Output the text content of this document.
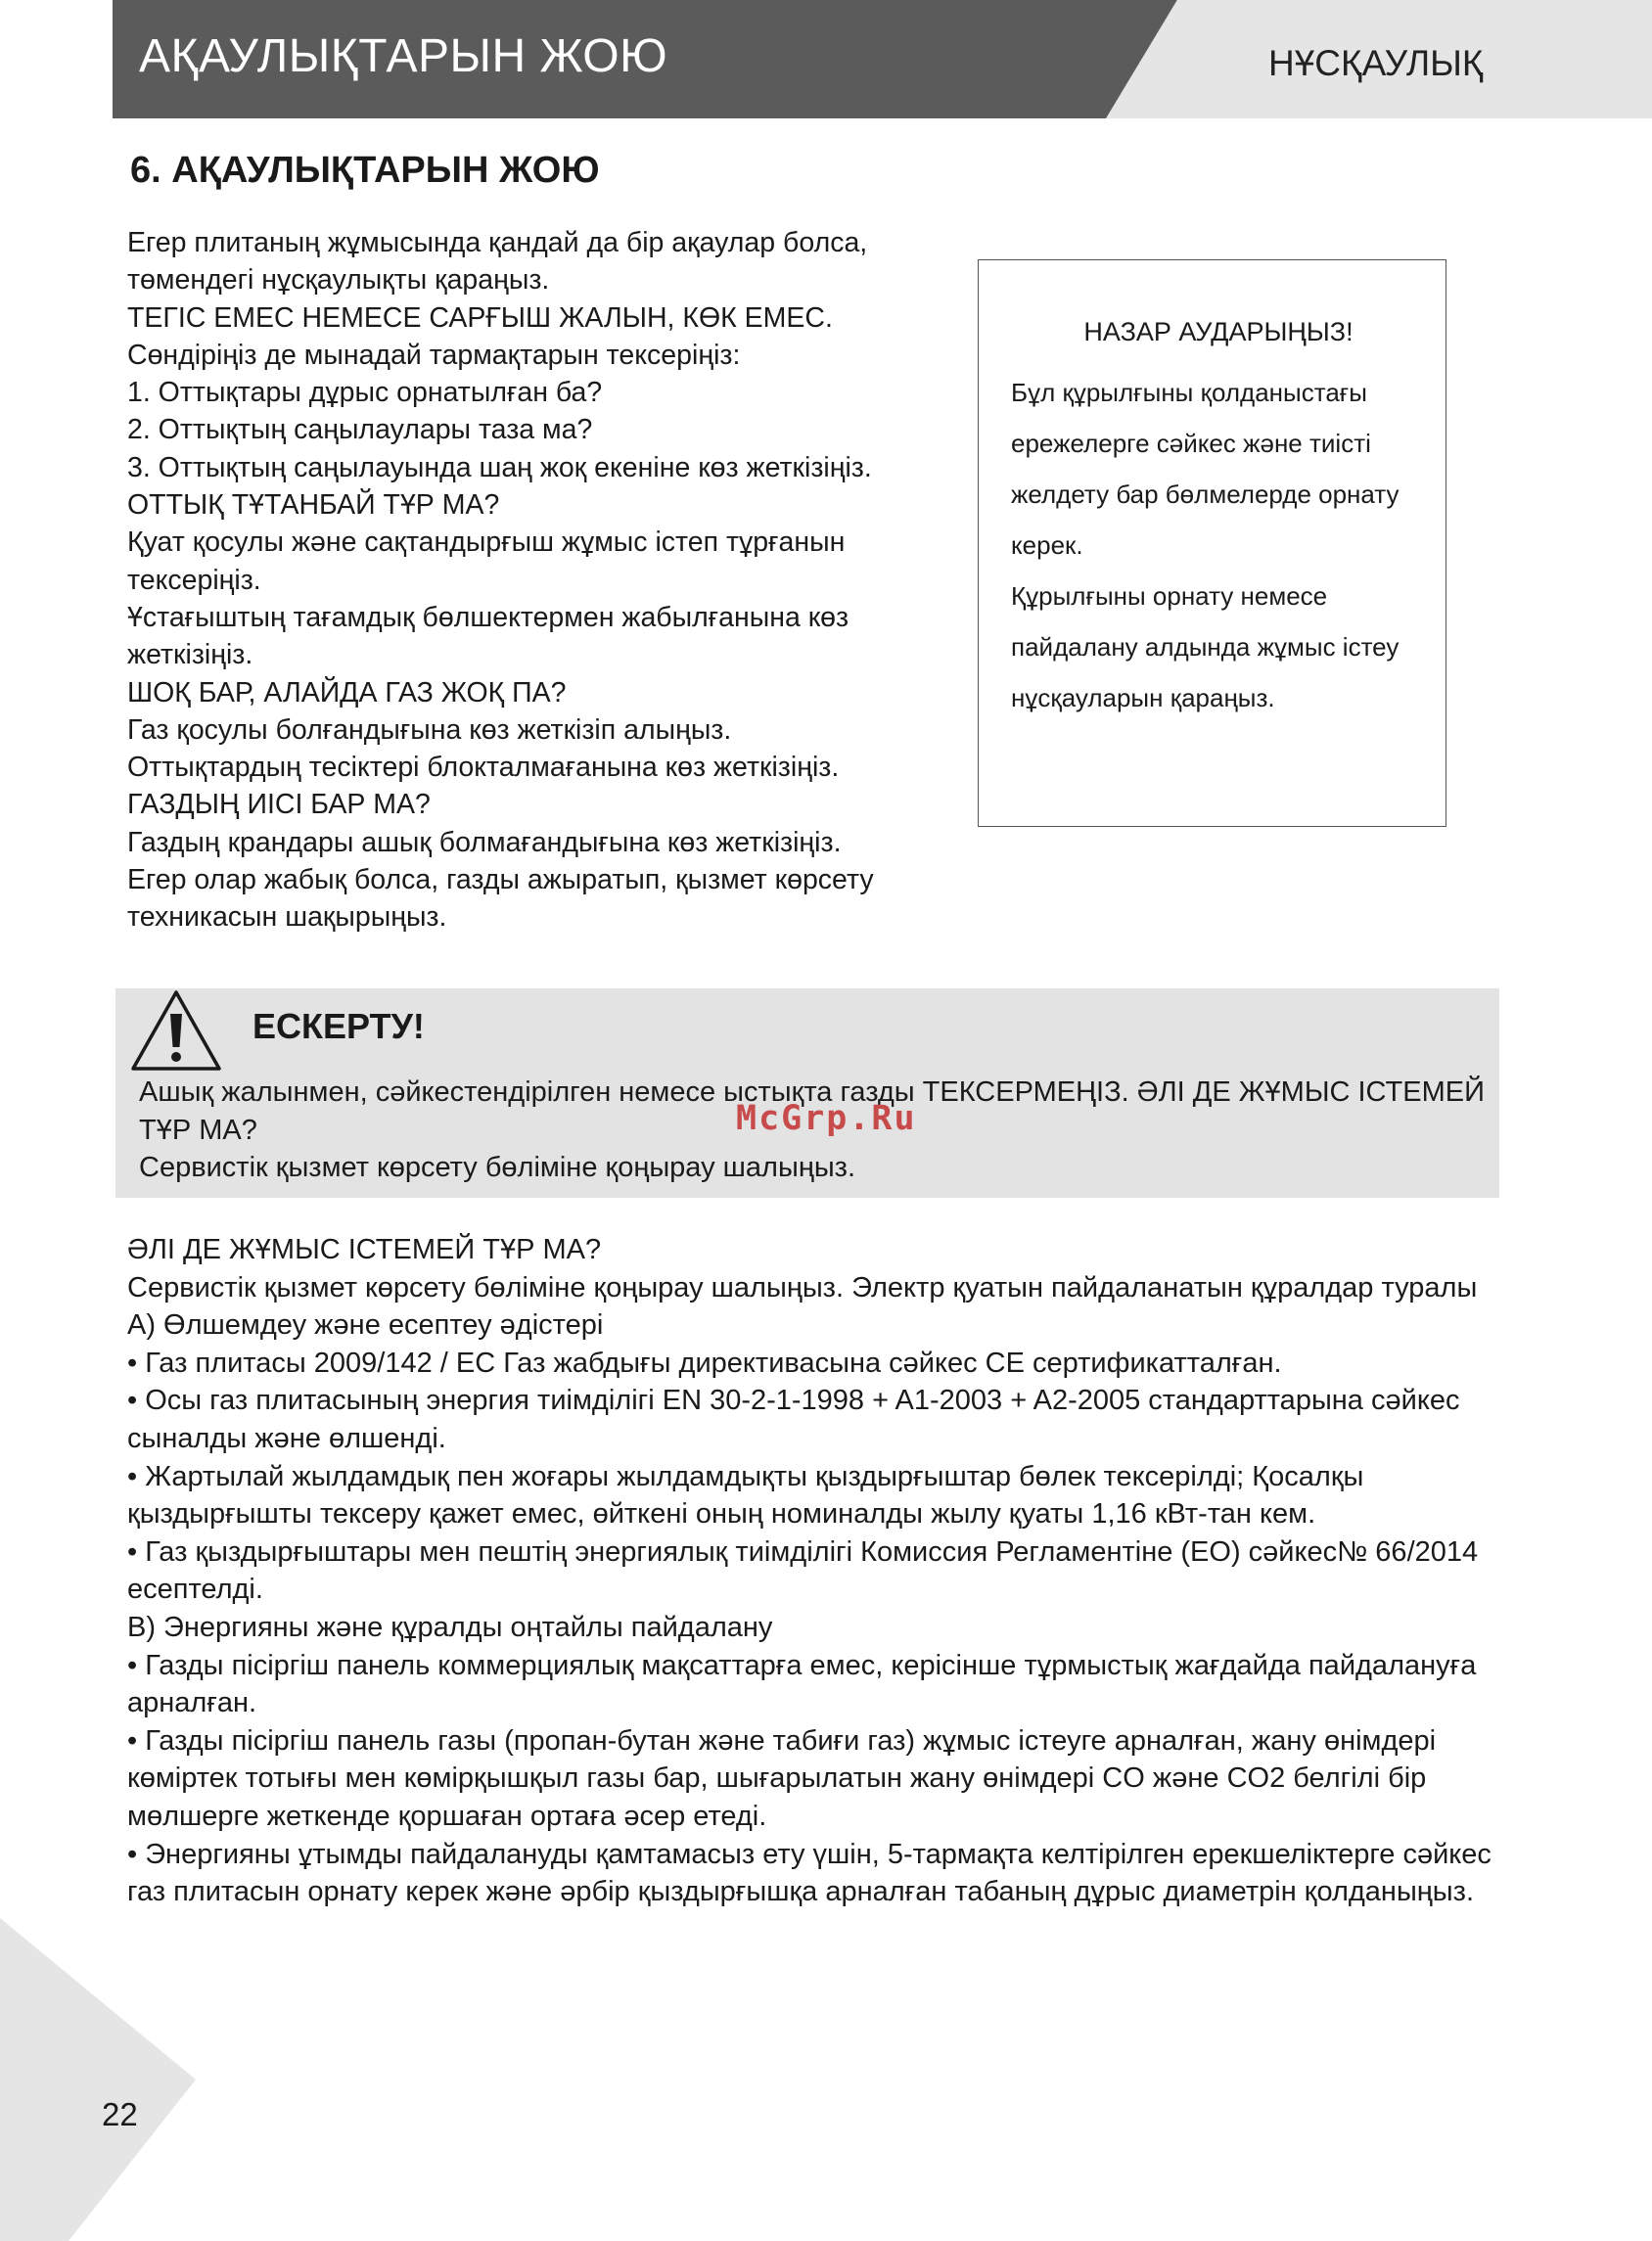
АҚАУЛЫҚТАРЫН ЖОЮ	НҰСҚАУЛЫҚ
6. АҚАУЛЫҚТАРЫН ЖОЮ

Егер плитаның жұмысында қандай да бір ақаулар болса, төмендегі нұсқаулықты қараңыз.

ТЕГІС ЕМЕС НЕМЕСЕ САРҒЫШ ЖАЛЫН, КӨК ЕМЕС.

Сөндіріңіз де мынадай тармақтарын тексеріңіз:

1. Оттықтары дұрыс орнатылған ба?

2. Оттықтың саңылаулары таза ма?

3. Оттықтың саңылауында шаң жоқ екеніне көз жеткізіңіз. ОТТЫҚ ТҰТАНБАЙ ТҰР МА?

Қуат қосулы және сақтандырғыш жұмыс істеп тұрғанын тексеріңіз.

Ұстағыштың тағамдық бөлшектермен жабылғанына көз жеткізіңіз.

ШОҚ БАР, АЛАЙДА ГАЗ ЖОҚ ПА?

Газ қосулы болғандығына көз жеткізіп алыңыз.

Оттықтардың тесіктері блокталмағанына көз жеткізіңіз.

ГАЗДЫҢ ИІСІ БАР МА?

Газдың крандары ашық болмағандығына көз жеткізіңіз.

Егер олар жабық болса, газды ажыратып, қызмет көрсету техникасын шақырыңыз.

НАЗАР АУДАРЫҢЫЗ!

Бұл құрылғыны қолданыстағы

ережелерге сәйкес және тиісті

желдету бар бөлмелерде орнату

керек.

Құрылғыны орнату немесе

пайдалану алдында жұмыс істеу

нұсқауларын қараңыз.

ЕСКЕРТУ!

Ашық жалынмен, сәйкестендірілген немесе ыстықта газды ТЕКСЕРМЕҢІЗ. ӘЛІ ДЕ ЖҰМЫС ІСТЕМЕЙ ТҰР МА?

Сервистік қызмет көрсету бөліміне қоңырау шалыңыз.

McGrp.Ru

ӘЛІ ДЕ ЖҰМЫС ІСТЕМЕЙ ТҰР МА?

Сервистік қызмет көрсету бөліміне қоңырау шалыңыз. Электр қуатын пайдаланатын құралдар туралы

A) Өлшемдеу және есептеу әдістері

• Газ плитасы 2009/142 / EC Газ жабдығы директивасына сәйкес CE сертификатталған.

• Осы газ плитасының энергия тиімділігі EN 30-2-1-1998 + A1-2003 + A2-2005 стандарттарына сәйкес сыналды және өлшенді.

• Жартылай жылдамдық пен жоғары жылдамдықты қыздырғыштар бөлек тексерілді; Қосалқы қыздырғышты тексеру қажет емес, өйткені оның номиналды жылу қуаты 1,16 кВт-тан кем.

• Газ қыздырғыштары мен пештің энергиялық тиімділігі Комиссия Регламентіне (ЕО) сәйкес№ 66/2014 есептелді.

B) Энергияны және құралды оңтайлы пайдалану

• Газды пісіргіш панель коммерциялық мақсаттарға емес, керісінше тұрмыстық жағдайда пайдалануға арналған.

• Газды пісіргіш панель газы (пропан-бутан және табиғи газ) жұмыс істеуге арналған, жану өнімдері көміртек тотығы мен көмірқышқыл газы бар, шығарылатын жану өнімдері CO және CO2 белгілі бір мөлшерге жеткенде қоршаған ортаға әсер етеді.

• Энергияны ұтымды пайдалануды қамтамасыз ету үшін, 5-тармақта келтірілген ерекшеліктерге сәйкес газ плитасын орнату керек және әрбір қыздырғышқа арналған табаның дұрыс диаметрін қолданыңыз.

22
